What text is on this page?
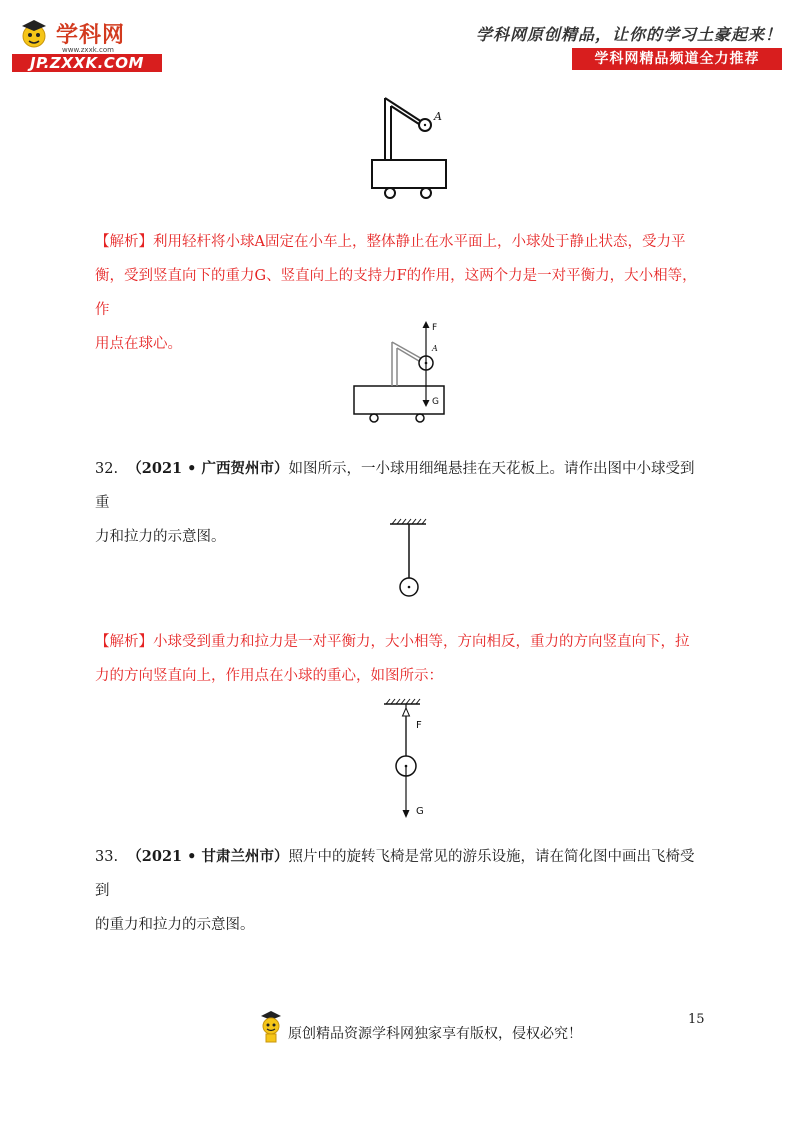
学科网
www.zxxk.com
JP.ZXXK.COM
学科网原创精品，让你的学习土豪起来！
学科网精品频道全力推荐
A
【解析】利用轻杆将小球A固定在小车上，整体静止在水平面上，小球处于静止状态，受力平
衡，受到竖直向下的重力G、竖直向上的支持力F的作用，这两个力是一对平衡力，大小相等，作
用点在球心。
F
A
G
32. （2021 • 广西贺州市）如图所示，一小球用细绳悬挂在天花板上。请作出图中小球受到重
力和拉力的示意图。
【解析】小球受到重力和拉力是一对平衡力，大小相等，方向相反，重力的方向竖直向下，拉
力的方向竖直向上，作用点在小球的重心，如图所示：
F
G
33. （2021 • 甘肃兰州市）照片中的旋转飞椅是常见的游乐设施，请在简化图中画出飞椅受到
的重力和拉力的示意图。
15
原创精品资源学科网独家享有版权，侵权必究！
